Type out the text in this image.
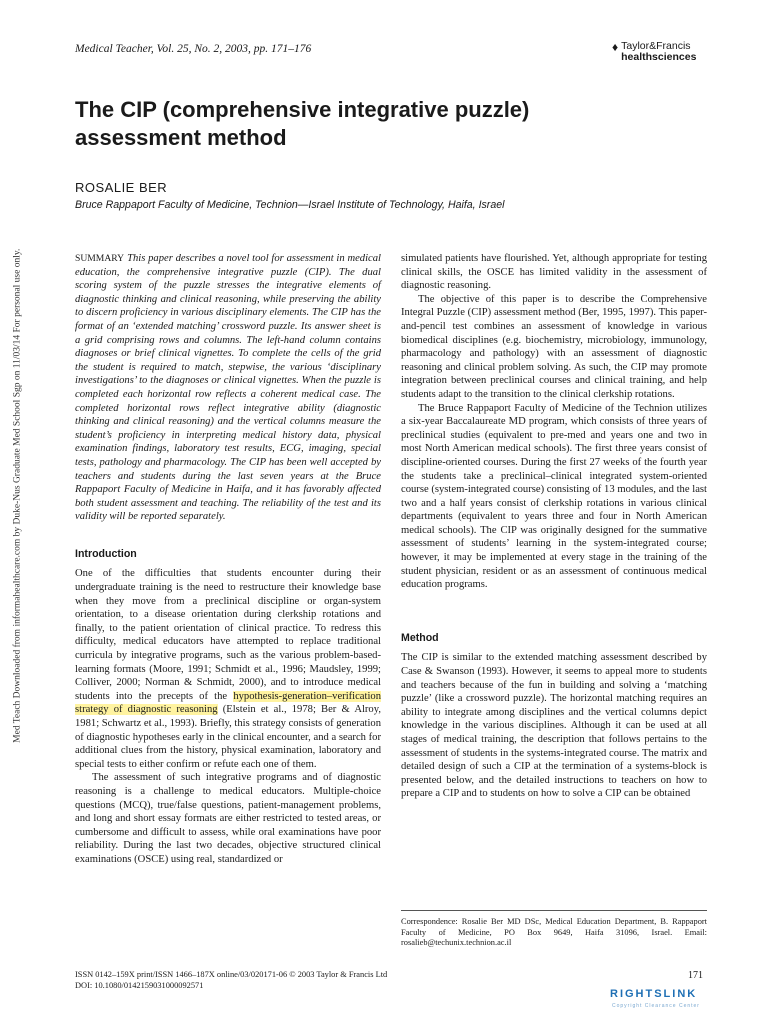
Medical Teacher, Vol. 25, No. 2, 2003, pp. 171–176	♦ Taylor&Francis
healthsciences
The CIP (comprehensive integrative puzzle) assessment method
ROSALIE BER
Bruce Rappaport Faculty of Medicine, Technion—Israel Institute of Technology, Haifa, Israel
Med Teach Downloaded from informahealthcare.com by Duke-Nus Graduate Med School Sgp on 11/03/14 For personal use only.	SUMMARY This paper describes a novel tool for assessment in medical education, the comprehensive integrative puzzle (CIP). The dual scoring system of the puzzle stresses the integrative elements of diagnostic thinking and clinical reasoning, while preserving the ability to discern proficiency in various disciplinary elements. The CIP has the format of an ‘extended matching’ crossword puzzle. Its answer sheet is a grid comprising rows and columns. The left-hand column contains diagnoses or brief clinical vignettes. To complete the cells of the grid the student is required to match, stepwise, the various ‘disciplinary investigations’ to the diagnoses or clinical vignettes. When the puzzle is completed each horizontal row reflects a coherent medical case. The completed horizontal rows reflect integrative ability (diagnostic thinking and clinical reasoning) and the vertical columns measure the student’s proficiency in interpreting medical history data, physical examination findings, laboratory test results, ECG, imaging, special tests, pathology and pharmacology. The CIP has been well accepted by teachers and students during the last seven years at the Bruce Rappaport Faculty of Medicine in Haifa, and it has favorably affected both student assessment and teaching. The reliability of the test and its validity will be reported separately.

Introduction

One of the difficulties that students encounter during their undergraduate training is the need to restructure their knowledge base when they move from a preclinical discipline or organ-system orientation, to a disease orientation during clerkship rotations and finally, to the patient orientation of clinical practice. To redress this difficulty, medical educators have attempted to replace traditional curricula by integrative programs, such as the various problem-based-learning formats (Moore, 1991; Schmidt et al., 1996; Maudsley, 1999; Colliver, 2000; Norman & Schmidt, 2000), and to introduce medical students into the precepts of the hypothesis-generation–verification strategy of diagnostic reasoning (Elstein et al., 1978; Ber & Alroy, 1981; Schwartz et al., 1993). Briefly, this strategy consists of generation of diagnostic hypotheses early in the clinical encounter, and a search for additional clues from the history, physical examination, laboratory and special tests to either confirm or refute each one of them.

The assessment of such integrative programs and of diagnostic reasoning is a challenge to medical educators. Multiple-choice questions (MCQ), true/false questions, patient-management problems, and long and short essay formats are either restricted to tested areas, or cumbersome and difficult to assess, while oral examinations have poor reliability. During the last two decades, objective structured clinical examinations (OSCE) using real, standardized or

simulated patients have flourished. Yet, although appropriate for testing clinical skills, the OSCE has limited validity in the assessment of diagnostic reasoning.

The objective of this paper is to describe the Comprehensive Integral Puzzle (CIP) assessment method (Ber, 1995, 1997). This paper-and-pencil test combines an assessment of knowledge in various biomedical disciplines (e.g. biochemistry, microbiology, immunology, pharmacology and pathology) with an assessment of diagnostic reasoning and clinical problem solving. As such, the CIP may promote integration between preclinical courses and clinical training, and help students adapt to the transition to the clinical clerkship rotations.

The Bruce Rappaport Faculty of Medicine of the Technion utilizes a six-year Baccalaureate MD program, which consists of three years of preclinical studies (equivalent to pre-med and years one and two in most North American medical schools). The first three years consist of discipline-oriented courses. During the first 27 weeks of the fourth year the students take a preclinical–clinical integrated system-oriented course (system-integrated course) consisting of 13 modules, and the last two and a half years consist of clerkship rotations in various clinical departments (equivalent to years three and four in North American medical schools). The CIP was originally designed for the summative assessment of students’ learning in the system-integrated course; however, it may be implemented at every stage in the training of the student physician, resident or as an assessment of continuous medical education programs.

Method

The CIP is similar to the extended matching assessment described by Case & Swanson (1993). However, it seems to appeal more to students and teachers because of the fun in building and solving a ‘matching puzzle’ (like a crossword puzzle). The horizontal matching requires an ability to integrate among disciplines and the vertical columns depict knowledge in the various disciplines. Although it can be used at all stages of medical training, the description that follows pertains to the assessment of students in the systems-integrated course. The matrix and detailed design of such a CIP at the termination of a systems-block is presented below, and the detailed instructions to teachers on how to prepare a CIP and to students on how to solve a CIP can be obtained

Correspondence: Rosalie Ber MD DSc, Medical Education Department, B. Rappaport Faculty of Medicine, PO Box 9649, Haifa 31096, Israel. Email: rosalieb@techunix.technion.ac.il
ISSN 0142–159X print/ISSN 1466–187X online/03/020171-06 © 2003 Taylor & Francis Ltd
DOI: 10.1080/0142159031000092571
171
RIGHTSLINK
Copyright Clearance Center
